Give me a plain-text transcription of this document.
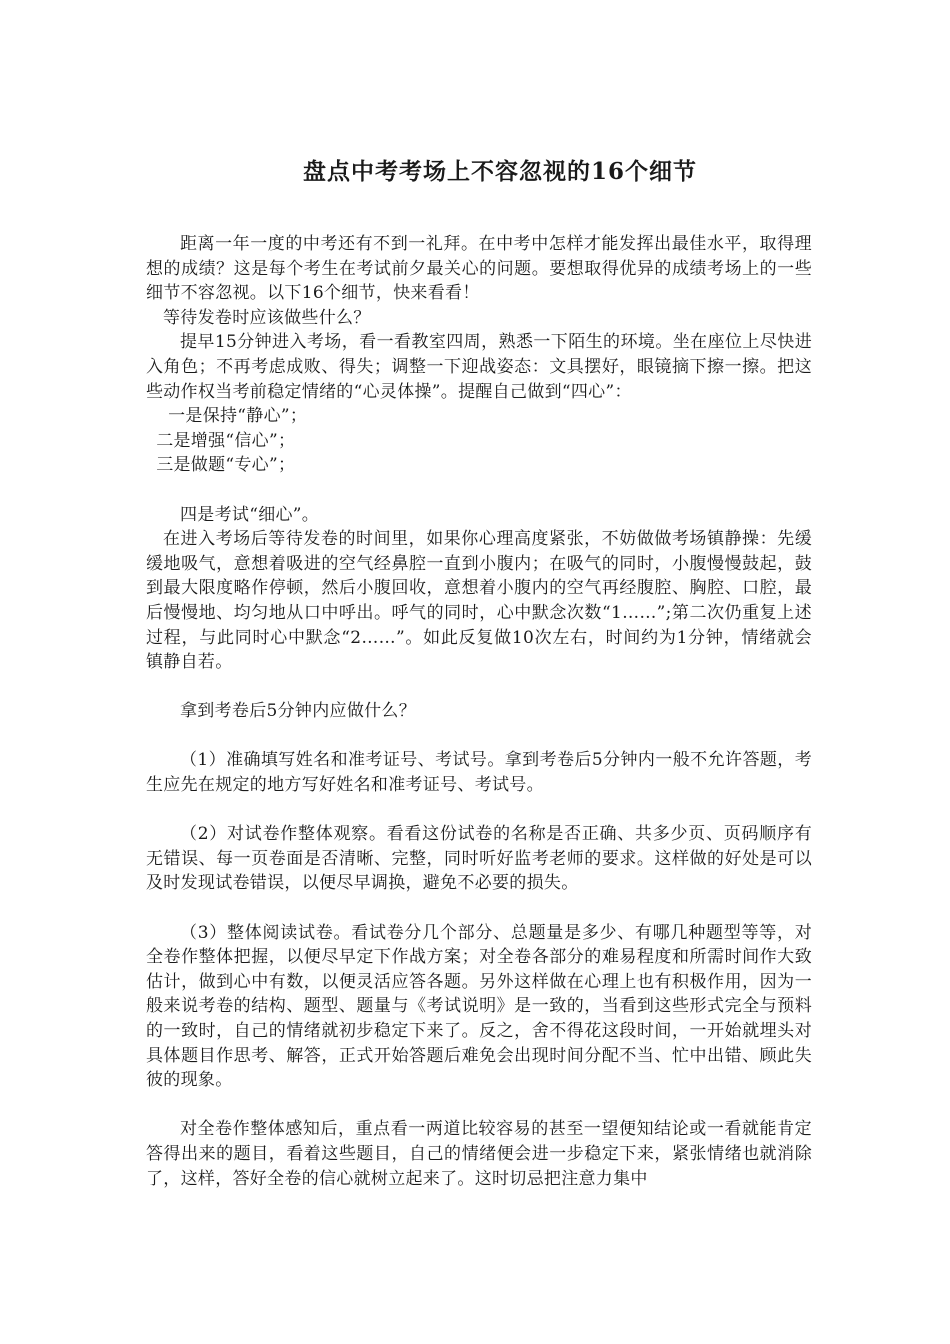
盘点中考考场上不容忽视的16个细节

距离一年一度的中考还有不到一礼拜。在中考中怎样才能发挥出最佳水平，取得理想的成绩？这是每个考生在考试前夕最关心的问题。要想取得优异的成绩考场上的一些细节不容忽视。以下16个细节，快来看看！

等待发卷时应该做些什么？

提早15分钟进入考场，看一看教室四周，熟悉一下陌生的环境。坐在座位上尽快进入角色；不再考虑成败、得失；调整一下迎战姿态：文具摆好，眼镜摘下擦一擦。把这些动作权当考前稳定情绪的“心灵体操”。提醒自己做到“四心”：

一是保持“静心”；

二是增强“信心”；

三是做题“专心”；

四是考试“细心”。

在进入考场后等待发卷的时间里，如果你心理高度紧张，不妨做做考场镇静操：先缓缓地吸气，意想着吸进的空气经鼻腔一直到小腹内；在吸气的同时，小腹慢慢鼓起，鼓到最大限度略作停顿，然后小腹回收，意想着小腹内的空气再经腹腔、胸腔、口腔，最后慢慢地、均匀地从口中呼出。呼气的同时，心中默念次数“1……”;第二次仍重复上述过程，与此同时心中默念“2……”。如此反复做10次左右，时间约为1分钟，情绪就会镇静自若。

拿到考卷后5分钟内应做什么？

（1）准确填写姓名和准考证号、考试号。拿到考卷后5分钟内一般不允许答题，考生应先在规定的地方写好姓名和准考证号、考试号。

（2）对试卷作整体观察。看看这份试卷的名称是否正确、共多少页、页码顺序有无错误、每一页卷面是否清晰、完整，同时听好监考老师的要求。这样做的好处是可以及时发现试卷错误，以便尽早调换，避免不必要的损失。

（3）整体阅读试卷。看试卷分几个部分、总题量是多少、有哪几种题型等等，对全卷作整体把握，以便尽早定下作战方案；对全卷各部分的难易程度和所需时间作大致估计，做到心中有数，以便灵活应答各题。另外这样做在心理上也有积极作用，因为一般来说考卷的结构、题型、题量与《考试说明》是一致的，当看到这些形式完全与预料的一致时，自己的情绪就初步稳定下来了。反之，舍不得花这段时间，一开始就埋头对具体题目作思考、解答，正式开始答题后难免会出现时间分配不当、忙中出错、顾此失彼的现象。

对全卷作整体感知后，重点看一两道比较容易的甚至一望便知结论或一看就能肯定答得出来的题目，看着这些题目，自己的情绪便会进一步稳定下来，紧张情绪也就消除了，这样，答好全卷的信心就树立起来了。这时切忌把注意力集中
